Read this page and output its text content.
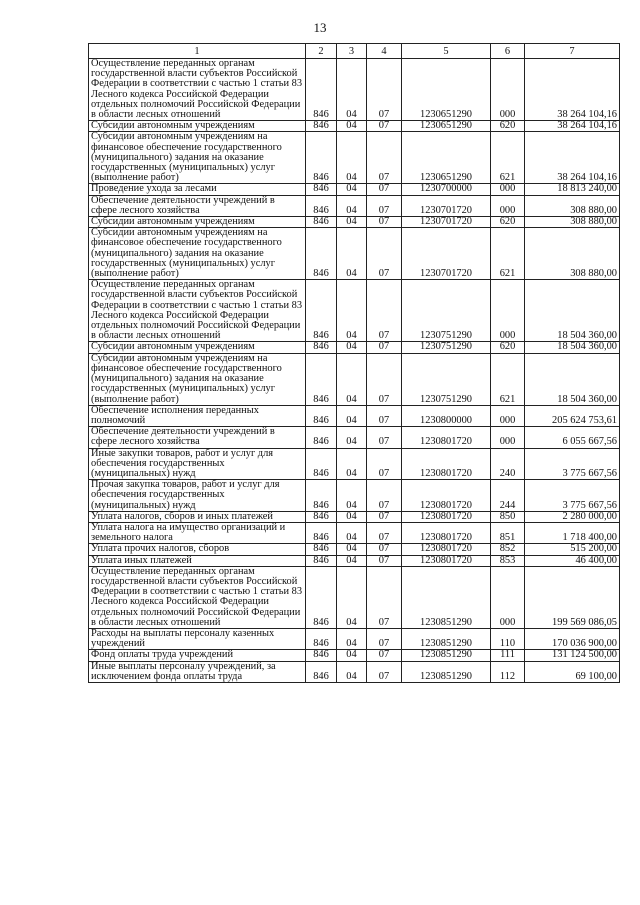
13
1	2	3	4	5	6	7
Осуществление переданных органам государственной власти субъектов Российской Федерации в соответствии с частью 1 статьи 83 Лесного кодекса Российской Федерации отдельных полномочий Российской Федерации в области лесных отношений	846	04	07	1230651290	000	38 264 104,16
Субсидии автономным учреждениям	846	04	07	1230651290	620	38 264 104,16
Субсидии автономным учреждениям на финансовое обеспечение государственного (муниципального) задания на оказание государственных (муниципальных) услуг (выполнение работ)	846	04	07	1230651290	621	38 264 104,16
Проведение ухода за лесами	846	04	07	1230700000	000	18 813 240,00
Обеспечение деятельности учреждений в сфере лесного хозяйства	846	04	07	1230701720	000	308 880,00
Субсидии автономным учреждениям	846	04	07	1230701720	620	308 880,00
Субсидии автономным учреждениям на финансовое обеспечение государственного (муниципального) задания на оказание государственных (муниципальных) услуг (выполнение работ)	846	04	07	1230701720	621	308 880,00
Осуществление переданных органам государственной власти субъектов Российской Федерации в соответствии с частью 1 статьи 83 Лесного кодекса Российской Федерации отдельных полномочий Российской Федерации в области лесных отношений	846	04	07	1230751290	000	18 504 360,00
Субсидии автономным учреждениям	846	04	07	1230751290	620	18 504 360,00
Субсидии автономным учреждениям на финансовое обеспечение государственного (муниципального) задания на оказание государственных (муниципальных) услуг (выполнение работ)	846	04	07	1230751290	621	18 504 360,00
Обеспечение исполнения переданных полномочий	846	04	07	1230800000	000	205 624 753,61
Обеспечение деятельности учреждений в сфере лесного хозяйства	846	04	07	1230801720	000	6 055 667,56
Иные закупки товаров, работ и услуг для обеспечения государственных (муниципальных) нужд	846	04	07	1230801720	240	3 775 667,56
Прочая закупка товаров, работ и услуг для обеспечения государственных (муниципальных) нужд	846	04	07	1230801720	244	3 775 667,56
Уплата налогов, сборов и иных платежей	846	04	07	1230801720	850	2 280 000,00
Уплата налога на имущество организаций и земельного налога	846	04	07	1230801720	851	1 718 400,00
Уплата прочих налогов, сборов	846	04	07	1230801720	852	515 200,00
Уплата иных платежей	846	04	07	1230801720	853	46 400,00
Осуществление переданных органам государственной власти субъектов Российской Федерации в соответствии с частью 1 статьи 83 Лесного кодекса Российской Федерации отдельных полномочий Российской Федерации в области лесных отношений	846	04	07	1230851290	000	199 569 086,05
Расходы на выплаты персоналу казенных учреждений	846	04	07	1230851290	110	170 036 900,00
Фонд оплаты труда учреждений	846	04	07	1230851290	111	131 124 500,00
Иные выплаты персоналу учреждений, за исключением фонда оплаты труда	846	04	07	1230851290	112	69 100,00
